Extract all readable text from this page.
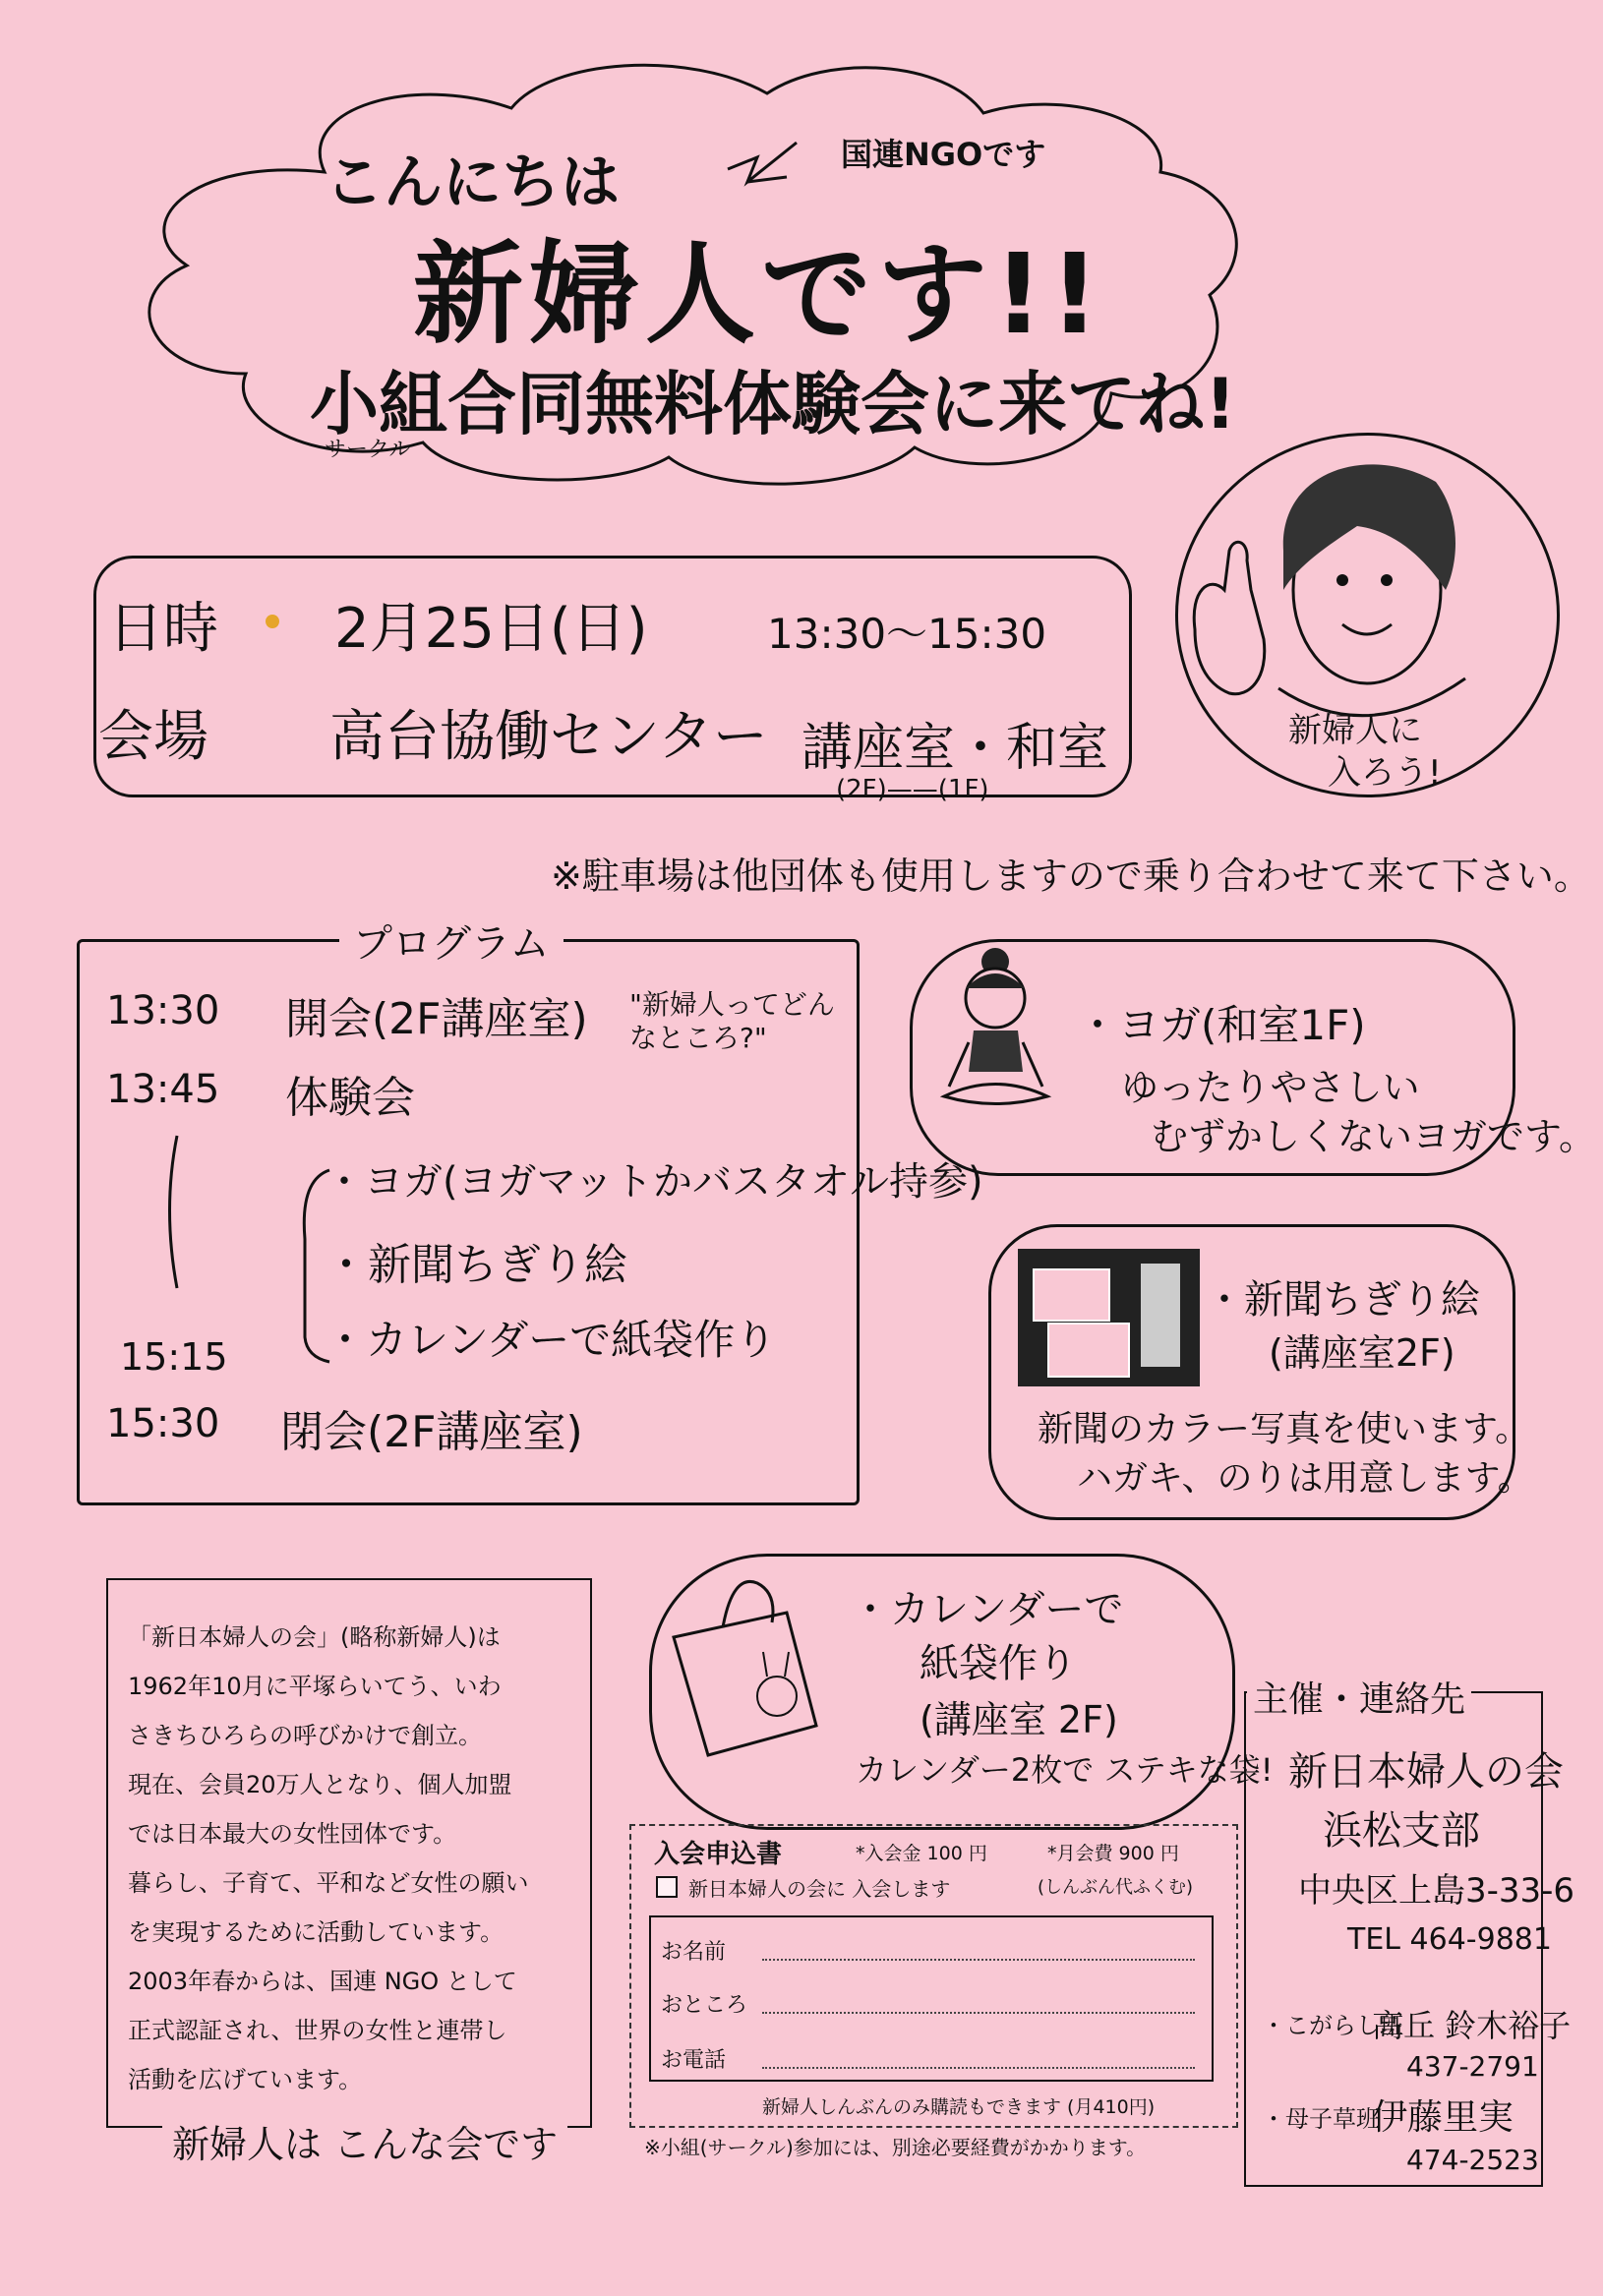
こんにちは	国連NGOです
新婦人です!!
小組合同無料体験会に来てね!
サークル
日時 2月25日(日)	13:30〜15:30
会場 高台協働センター 講座室・和室
(2F)——(1F)
※駐車場は他団体も使用しますので乗り合わせて来て下さい。
新婦人に
入ろう!
プログラム
13:30 開会(2F講座室) "新婦人ってどんなところ?"
13:45 体験会
・ヨガ(ヨガマットかバスタオル持参)
・新聞ちぎり絵
・カレンダーで紙袋作り
15:15
15:30 閉会(2F講座室)
・ヨガ(和室1F)
ゆったりやさしい
むずかしくないヨガです。
・新聞ちぎり絵
(講座室2F)
新聞のカラー写真を使います。
ハガキ、のりは用意します。
「新日本婦人の会」(略称新婦人)は
1962年10月に平塚らいてう、いわ
さきちひろらの呼びかけで創立。
現在、会員20万人となり、個人加盟
では日本最大の女性団体です。
暮らし、子育て、平和など女性の願い
を実現するために活動しています。
2003年春からは、国連 NGO として
正式認証され、世界の女性と連帯し
活動を広げています。
新婦人は こんな会です
・カレンダーで
紙袋作り
(講座室 2F)
カレンダー2枚で ステキな袋!
入会申込書	*入会金 100 円	*月会費 900 円
新日本婦人の会に 入会します	(しんぶん代ふくむ)
お名前
おところ
お電話
新婦人しんぶんのみ購読もできます (月410円)
※小組(サークル)参加には、別途必要経費がかかります。
主催・連絡先
新日本婦人の会
浜松支部
中央区上島3-33-6
TEL 464-9881
・こがらし班
高丘 鈴木裕子
437-2791
・母子草班
伊藤里実
474-2523
